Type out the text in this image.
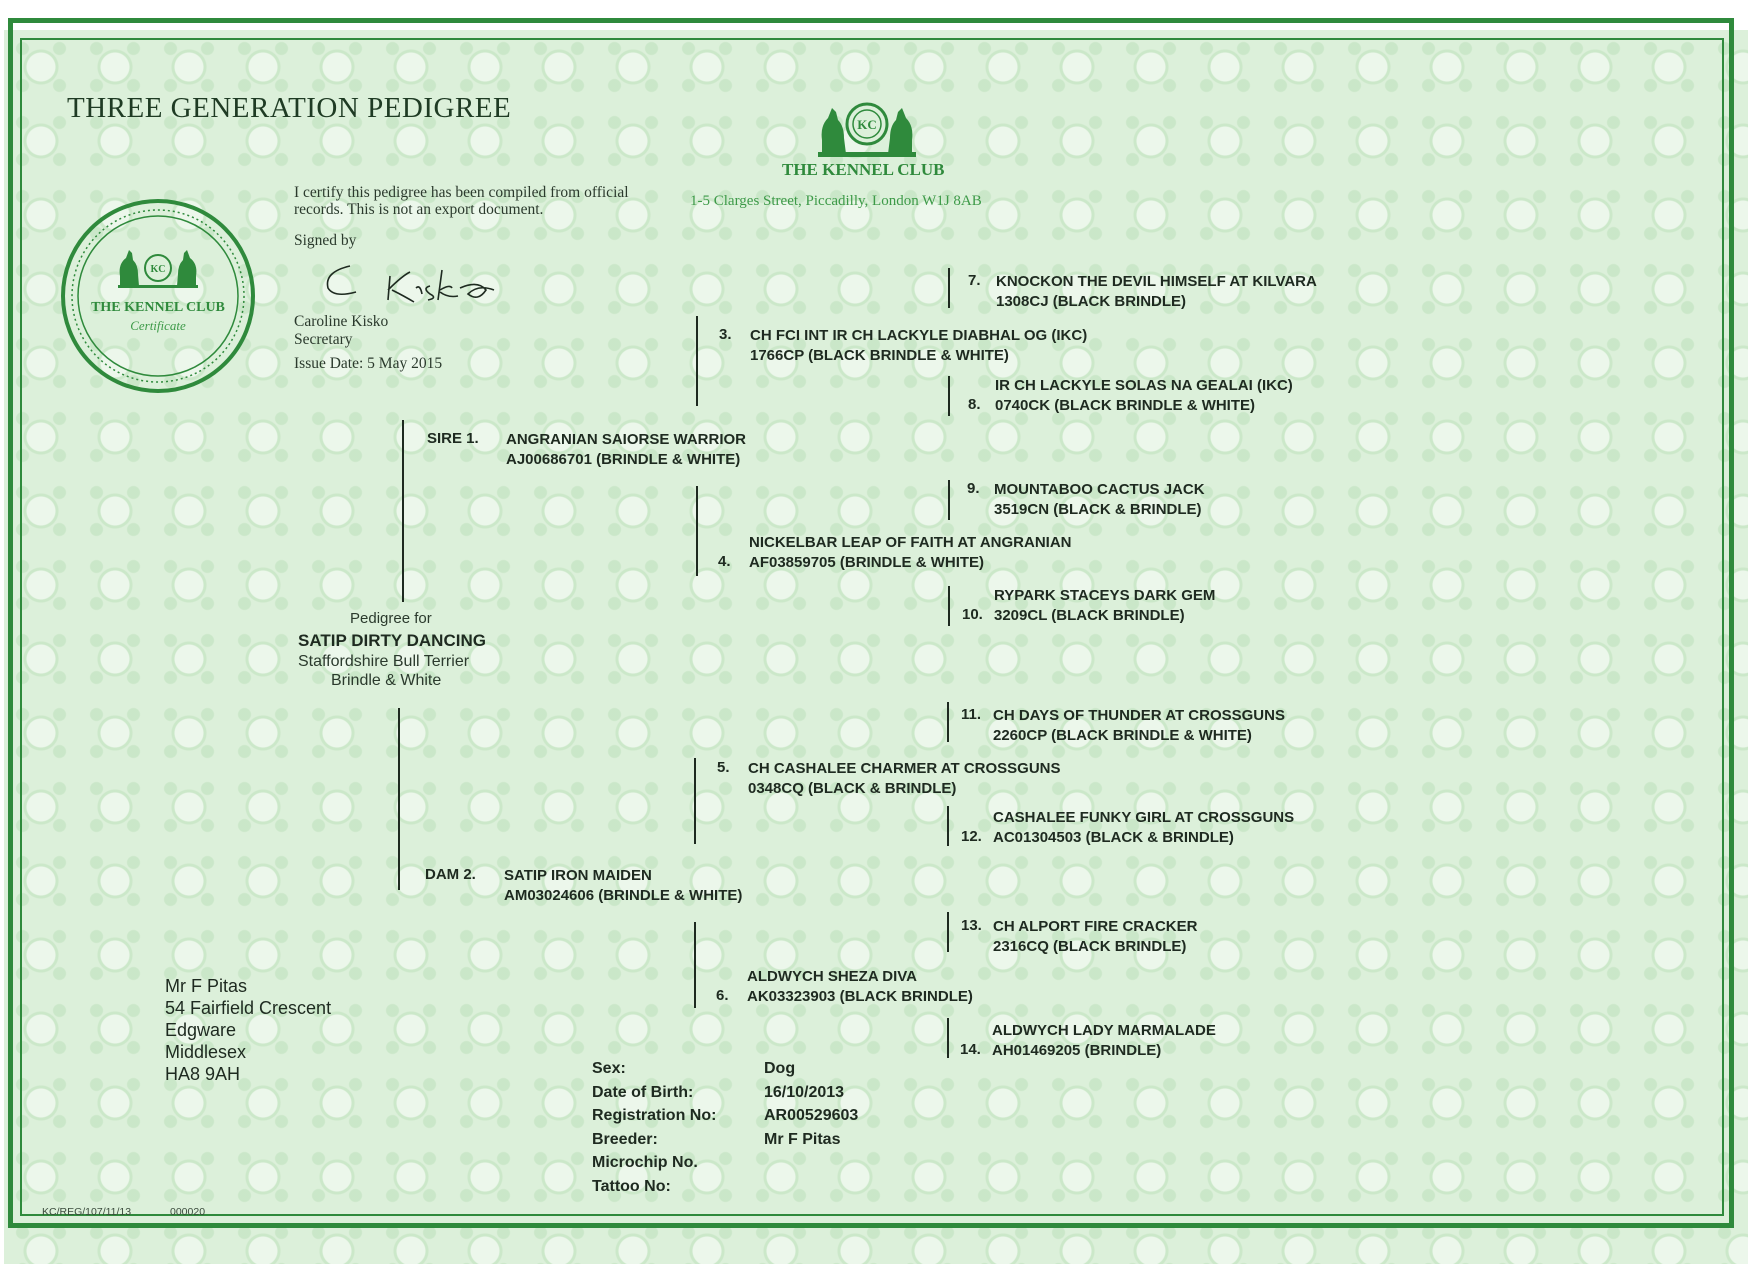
THREE GENERATION PEDIGREE
KC
THE KENNEL CLUB
1-5 Clarges Street, Piccadilly, London W1J 8AB
KC
THE KENNEL CLUB
Certificate
I certify this pedigree has been compiled from official records. This is not an export document.
Signed by
Caroline Kisko
Secretary
Issue Date: 5 May 2015
Pedigree for
SATIP DIRTY DANCING
Staffordshire Bull Terrier
Brindle & White
SIRE 1. ANGRANIAN SAIORSE WARRIOR
AJ00686701 (BRINDLE & WHITE)
DAM 2. SATIP IRON MAIDEN
AM03024606 (BRINDLE & WHITE)
3. CH FCI INT IR CH LACKYLE DIABHAL OG (IKC)
1766CP (BLACK BRINDLE & WHITE)
NICKELBAR LEAP OF FAITH AT ANGRANIAN
AF03859705 (BRINDLE & WHITE)
4.
5. CH CASHALEE CHARMER AT CROSSGUNS
0348CQ (BLACK & BRINDLE)
ALDWYCH SHEZA DIVA
AK03323903 (BLACK BRINDLE)
6.
7. KNOCKON THE DEVIL HIMSELF AT KILVARA
1308CJ (BLACK BRINDLE)
IR CH LACKYLE SOLAS NA GEALAI (IKC)
8. 0740CK (BLACK BRINDLE & WHITE)
9. MOUNTABOO CACTUS JACK
3519CN (BLACK & BRINDLE)
RYPARK STACEYS DARK GEM
10. 3209CL (BLACK BRINDLE)
11. CH DAYS OF THUNDER AT CROSSGUNS
2260CP (BLACK BRINDLE & WHITE)
CASHALEE FUNKY GIRL AT CROSSGUNS
12. AC01304503 (BLACK & BRINDLE)
13. CH ALPORT FIRE CRACKER
2316CQ (BLACK BRINDLE)
ALDWYCH LADY MARMALADE
14. AH01469205 (BRINDLE)
Mr F Pitas
54 Fairfield Crescent
Edgware
Middlesex
HA8 9AH	Sex:
Date of Birth:
Registration No:
Breeder:
Microchip No.
Tattoo No:
Dog
16/10/2013
AR00529603
Mr F Pitas
KC/REG/107/11/13	000020
